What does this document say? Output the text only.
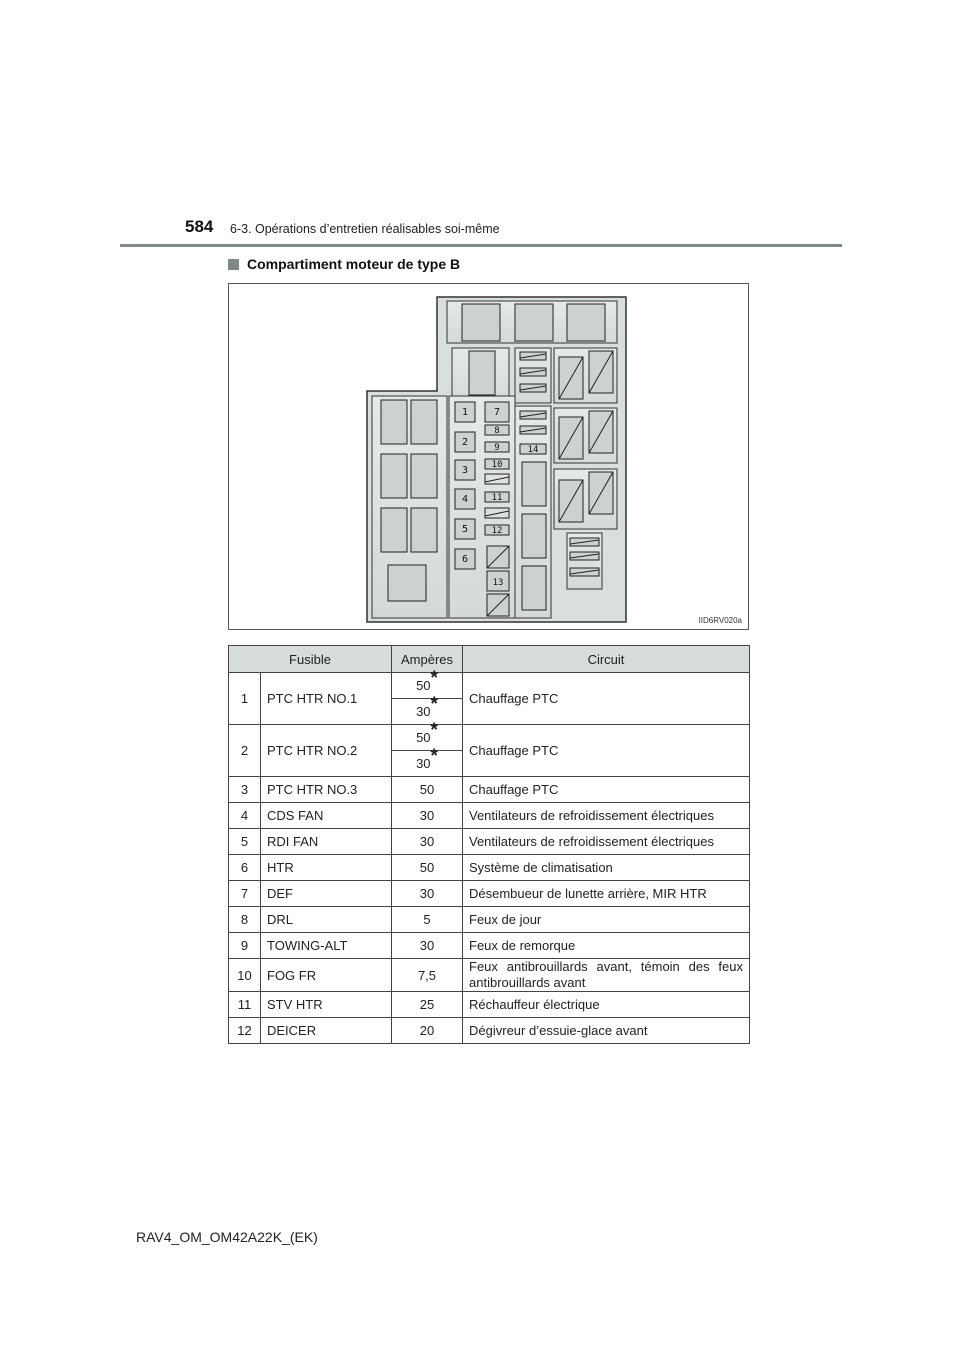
584 6-3. Opérations d’entretien réalisables soi-même
Compartiment moteur de type B
1
2
3
4
5
6
7
8
9
10
11
12
13
14
IID6RV020a
Fusible		Ampères	Circuit
1	PTC HTR NO.1	50*	Chauffage PTC
		30*	
2	PTC HTR NO.2	50*	Chauffage PTC
		30*	
3	PTC HTR NO.3	50	Chauffage PTC
4	CDS FAN	30	Ventilateurs de refroidissement électriques
5	RDI FAN	30	Ventilateurs de refroidissement électriques
6	HTR	50	Système de climatisation
7	DEF	30	Désembueur de lunette arrière, MIR HTR
8	DRL	5	Feux de jour
9	TOWING-ALT	30	Feux de remorque
10	FOG FR	7,5	Feux antibrouillards avant, témoin des feux antibrouillards avant
11	STV HTR	25	Réchauffeur électrique
12	DEICER	20	Dégivreur d’essuie-glace avant
RAV4_OM_OM42A22K_(EK)
